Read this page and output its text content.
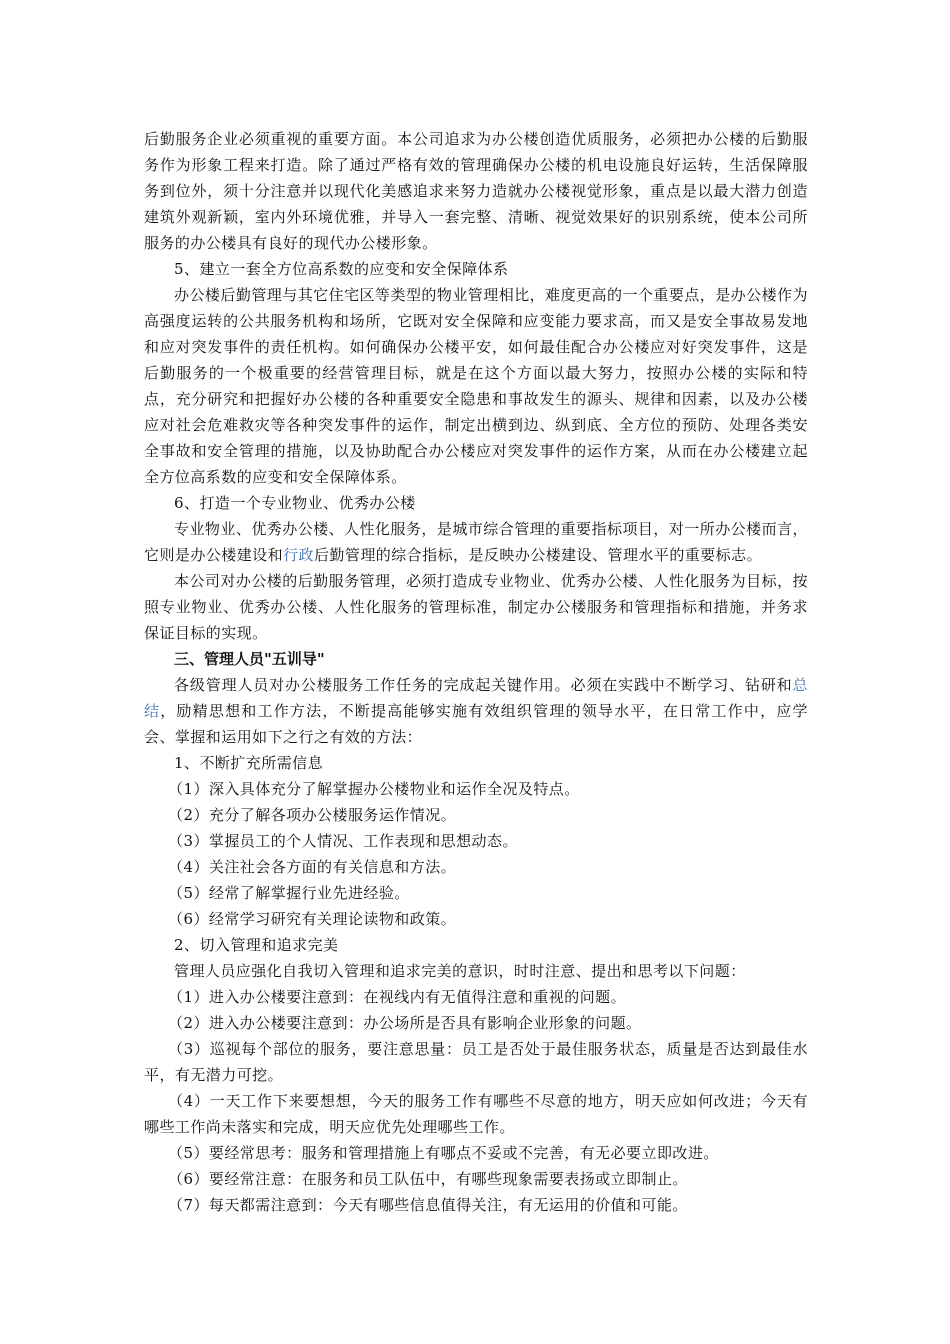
后勤服务企业必须重视的重要方面。本公司追求为办公楼创造优质服务，必须把办公楼的后勤服务作为形象工程来打造。除了通过严格有效的管理确保办公楼的机电设施良好运转，生活保障服务到位外，须十分注意并以现代化美感追求来努力造就办公楼视觉形象，重点是以最大潜力创造建筑外观新颖，室内外环境优雅，并导入一套完整、清晰、视觉效果好的识别系统，使本公司所服务的办公楼具有良好的现代办公楼形象。

5、建立一套全方位高系数的应变和安全保障体系

办公楼后勤管理与其它住宅区等类型的物业管理相比，难度更高的一个重要点，是办公楼作为高强度运转的公共服务机构和场所，它既对安全保障和应变能力要求高，而又是安全事故易发地和应对突发事件的责任机构。如何确保办公楼平安，如何最佳配合办公楼应对好突发事件，这是后勤服务的一个极重要的经营管理目标，就是在这个方面以最大努力，按照办公楼的实际和特点，充分研究和把握好办公楼的各种重要安全隐患和事故发生的源头、规律和因素，以及办公楼应对社会危难救灾等各种突发事件的运作，制定出横到边、纵到底、全方位的预防、处理各类安全事故和安全管理的措施，以及协助配合办公楼应对突发事件的运作方案，从而在办公楼建立起全方位高系数的应变和安全保障体系。

6、打造一个专业物业、优秀办公楼

专业物业、优秀办公楼、人性化服务，是城市综合管理的重要指标项目，对一所办公楼而言，它则是办公楼建设和行政后勤管理的综合指标，是反映办公楼建设、管理水平的重要标志。

本公司对办公楼的后勤服务管理，必须打造成专业物业、优秀办公楼、人性化服务为目标，按照专业物业、优秀办公楼、人性化服务的管理标准，制定办公楼服务和管理指标和措施，并务求保证目标的实现。

三、管理人员"五训导"

各级管理人员对办公楼服务工作任务的完成起关键作用。必须在实践中不断学习、钻研和总结，励精思想和工作方法，不断提高能够实施有效组织管理的领导水平，在日常工作中，应学会、掌握和运用如下之行之有效的方法：

1、不断扩充所需信息

（1）深入具体充分了解掌握办公楼物业和运作全况及特点。

（2）充分了解各项办公楼服务运作情况。

（3）掌握员工的个人情况、工作表现和思想动态。

（4）关注社会各方面的有关信息和方法。

（5）经常了解掌握行业先进经验。

（6）经常学习研究有关理论读物和政策。

2、切入管理和追求完美

管理人员应强化自我切入管理和追求完美的意识，时时注意、提出和思考以下问题：

（1）进入办公楼要注意到：在视线内有无值得注意和重视的问题。

（2）进入办公楼要注意到：办公场所是否具有影响企业形象的问题。

（3）巡视每个部位的服务，要注意思量：员工是否处于最佳服务状态，质量是否达到最佳水平，有无潜力可挖。

（4）一天工作下来要想想，今天的服务工作有哪些不尽意的地方，明天应如何改进；今天有哪些工作尚未落实和完成，明天应优先处理哪些工作。

（5）要经常思考：服务和管理措施上有哪点不妥或不完善，有无必要立即改进。

（6）要经常注意：在服务和员工队伍中，有哪些现象需要表扬或立即制止。

（7）每天都需注意到：今天有哪些信息值得关注，有无运用的价值和可能。
